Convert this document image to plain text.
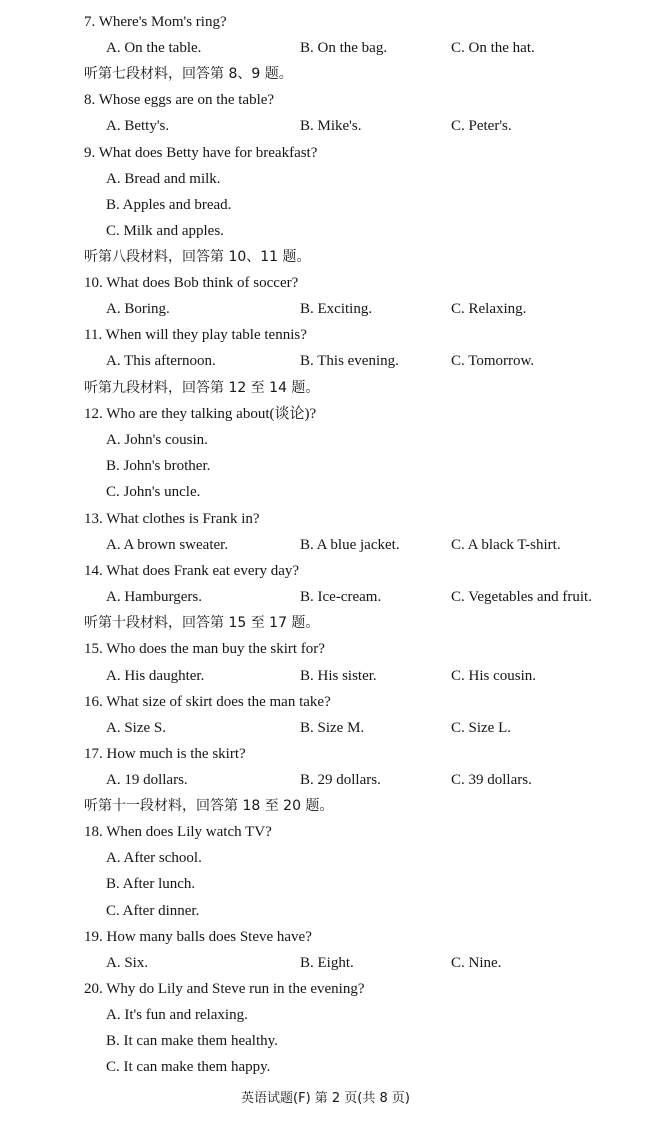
7. Where's Mom's ring?
A. On the table.	B. On the bag.	C. On the hat.
听第七段材料，回答第 8、9 题。
8. Whose eggs are on the table?
A. Betty's.	B. Mike's.	C. Peter's.
9. What does Betty have for breakfast?
A. Bread and milk.
B. Apples and bread.
C. Milk and apples.
听第八段材料，回答第 10、11 题。
10. What does Bob think of soccer?
A. Boring.	B. Exciting.	C. Relaxing.
11. When will they play table tennis?
A. This afternoon.	B. This evening.	C. Tomorrow.
听第九段材料，回答第 12 至 14 题。
12. Who are they talking about(谈论)?
A. John's cousin.
B. John's brother.
C. John's uncle.
13. What clothes is Frank in?
A. A brown sweater.	B. A blue jacket.	C. A black T-shirt.
14. What does Frank eat every day?
A. Hamburgers.	B. Ice-cream.	C. Vegetables and fruit.
听第十段材料，回答第 15 至 17 题。
15. Who does the man buy the skirt for?
A. His daughter.	B. His sister.	C. His cousin.
16. What size of skirt does the man take?
A. Size S.	B. Size M.	C. Size L.
17. How much is the skirt?
A. 19 dollars.	B. 29 dollars.	C. 39 dollars.
听第十一段材料，回答第 18 至 20 题。
18. When does Lily watch TV?
A. After school.
B. After lunch.
C. After dinner.
19. How many balls does Steve have?
A. Six.	B. Eight.	C. Nine.
20. Why do Lily and Steve run in the evening?
A. It's fun and relaxing.
B. It can make them healthy.
C. It can make them happy.
英语试题(F) 第 2 页(共 8 页)
